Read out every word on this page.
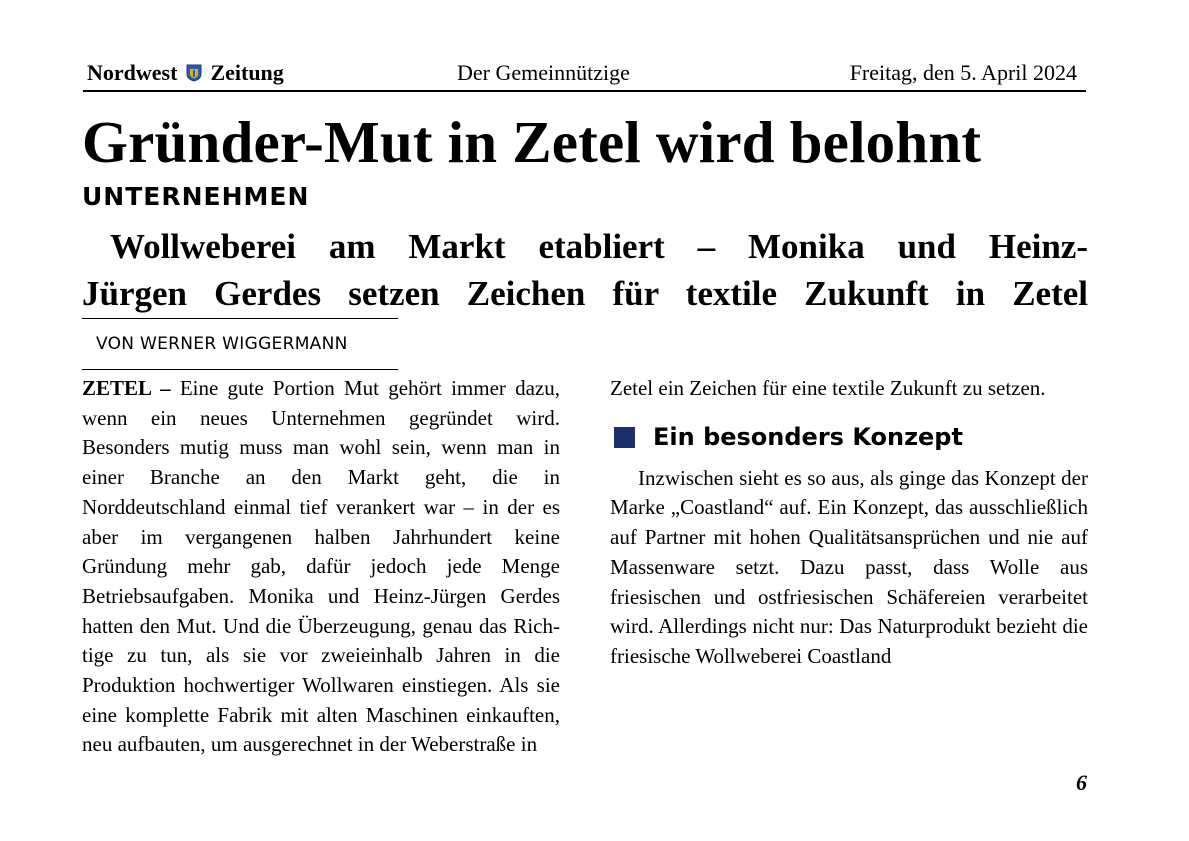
Nordwest Zeitung	Der Gemeinnützige	Freitag, den 5. April 2024
Gründer-Mut in Zetel wird belohnt
UNTERNEHMEN
Wollweberei am Markt etabliert – Monika und Heinz-
Jürgen Gerdes setzen Zeichen für textile Zukunft in Zetel
VON WERNER WIGGERMANN

ZETEL – Eine gute Portion Mut gehört immer dazu, wenn ein neues Unternehmen gegründet wird. Besonders mutig muss man wohl sein, wenn man in einer Branche an den Markt geht, die in Norddeutschland einmal tief verankert war – in der es aber im vergangenen halben Jahrhundert keine Gründung mehr gab, dafür jedoch jede Menge Betriebsaufgaben. Monika und Heinz-Jürgen Gerdes hatten den Mut. Und die Überzeugung, genau das Richtige zu tun, als sie vor zweieinhalb Jahren in die Produktion hochwertiger Wollwaren einstiegen. Als sie eine komplette Fabrik mit alten Maschinen einkauften, neu aufbauten, um ausgerechnet in der Weberstraße in

Zetel ein Zeichen für eine textile Zukunft zu setzen.

Ein besonders Konzept

Inzwischen sieht es so aus, als ginge das Konzept der Marke „Coastland“ auf. Ein Konzept, das ausschließlich auf Partner mit hohen Qualitätsansprüchen und nie auf Massenware setzt. Dazu passt, dass Wolle aus friesischen und ostfriesischen Schäfereien verarbeitet wird. Allerdings nicht nur: Das Naturprodukt bezieht die friesische Wollweberei Coastland

6
